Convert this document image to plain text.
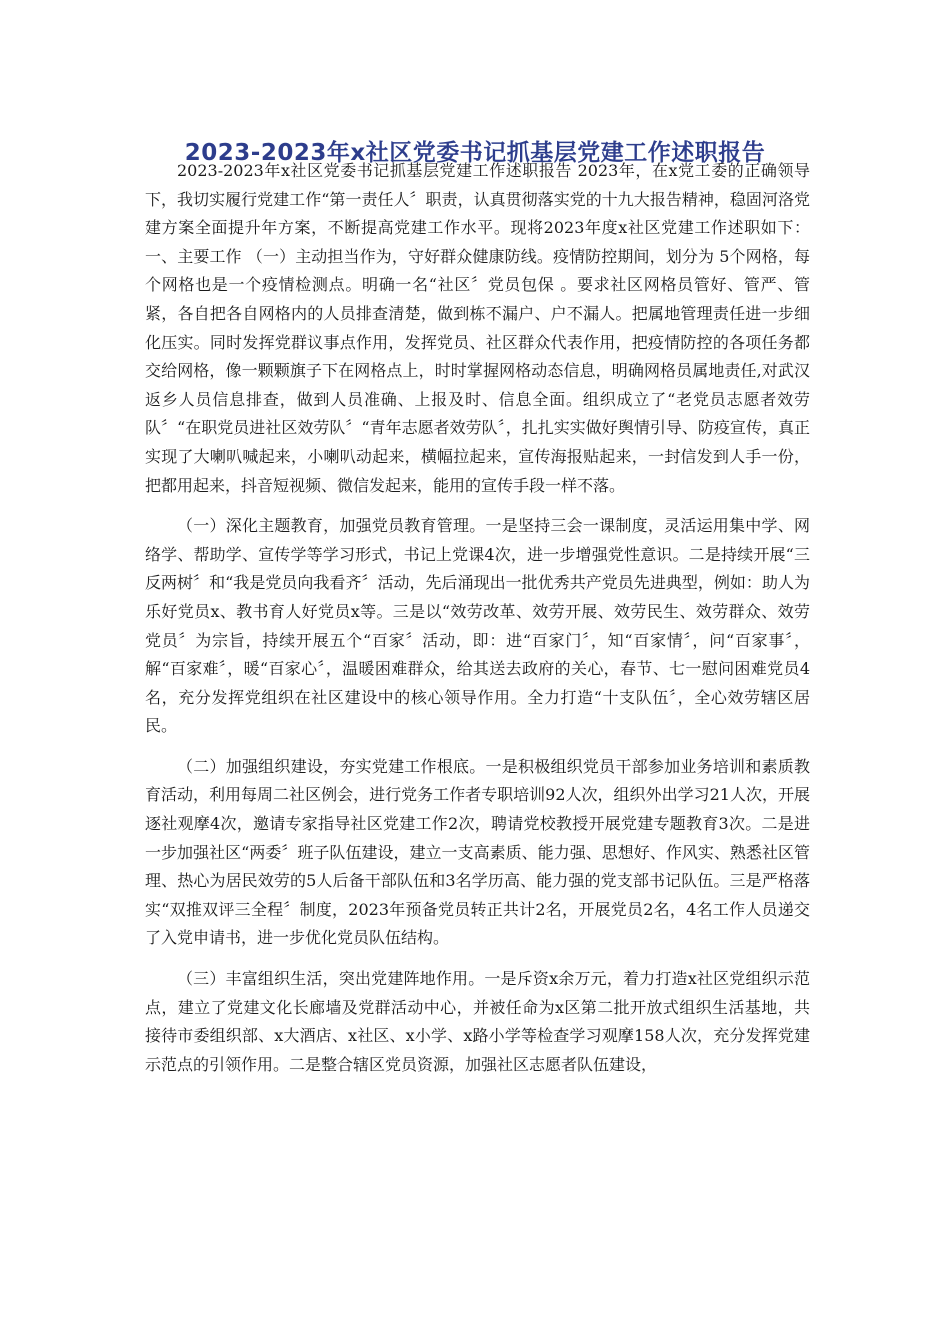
2023-2023年x社区党委书记抓基层党建工作述职报告

2023-2023年x社区党委书记抓基层党建工作述职报告 2023年，在x党工委的正确领导下，我切实履行党建工作“第一责任人〞职责，认真贯彻落实党的十九大报告精神，稳固河洛党建方案全面提升年方案，不断提高党建工作水平。现将2023年度x社区党建工作述职如下：一、主要工作 （一）主动担当作为，守好群众健康防线。疫情防控期间，划分为 5个网格，每个网格也是一个疫情检测点。明确一名“社区〞党员包保 。要求社区网格员管好、管严、管紧，各自把各自网格内的人员排查清楚，做到栋不漏户、户不漏人。把属地管理责任进一步细化压实。同时发挥党群议事点作用，发挥党员、社区群众代表作用，把疫情防控的各项任务都交给网格，像一颗颗旗子下在网格点上，时时掌握网格动态信息，明确网格员属地责任,对武汉返乡人员信息排查，做到人员准确、上报及时、信息全面。组织成立了“老党员志愿者效劳队〞“在职党员进社区效劳队〞“青年志愿者效劳队〞，扎扎实实做好舆情引导、防疫宣传，真正实现了大喇叭喊起来，小喇叭动起来，横幅拉起来，宣传海报贴起来，一封信发到人手一份，把都用起来，抖音短视频、微信发起来，能用的宣传手段一样不落。

（一）深化主题教育，加强党员教育管理。一是坚持三会一课制度，灵活运用集中学、网络学、帮助学、宣传学等学习形式，书记上党课4次，进一步增强党性意识。二是持续开展“三反两树〞和“我是党员向我看齐〞活动，先后涌现出一批优秀共产党员先进典型，例如：助人为乐好党员x、教书育人好党员x等。三是以“效劳改革、效劳开展、效劳民生、效劳群众、效劳党员〞为宗旨，持续开展五个“百家〞活动，即：进“百家门〞，知“百家情〞，问“百家事〞，解“百家难〞，暖“百家心〞，温暖困难群众，给其送去政府的关心，春节、七一慰问困难党员4名，充分发挥党组织在社区建设中的核心领导作用。全力打造“十支队伍〞，全心效劳辖区居民。

（二）加强组织建设，夯实党建工作根底。一是积极组织党员干部参加业务培训和素质教育活动，利用每周二社区例会，进行党务工作者专职培训92人次，组织外出学习21人次，开展逐社观摩4次，邀请专家指导社区党建工作2次，聘请党校教授开展党建专题教育3次。二是进一步加强社区“两委〞班子队伍建设，建立一支高素质、能力强、思想好、作风实、熟悉社区管理、热心为居民效劳的5人后备干部队伍和3名学历高、能力强的党支部书记队伍。三是严格落实“双推双评三全程〞制度，2023年预备党员转正共计2名，开展党员2名，4名工作人员递交了入党申请书，进一步优化党员队伍结构。

（三）丰富组织生活，突出党建阵地作用。一是斥资x余万元，着力打造x社区党组织示范点，建立了党建文化长廊墙及党群活动中心，并被任命为x区第二批开放式组织生活基地，共接待市委组织部、x大酒店、x社区、x小学、x路小学等检查学习观摩158人次，充分发挥党建示范点的引领作用。二是整合辖区党员资源，加强社区志愿者队伍建设，
